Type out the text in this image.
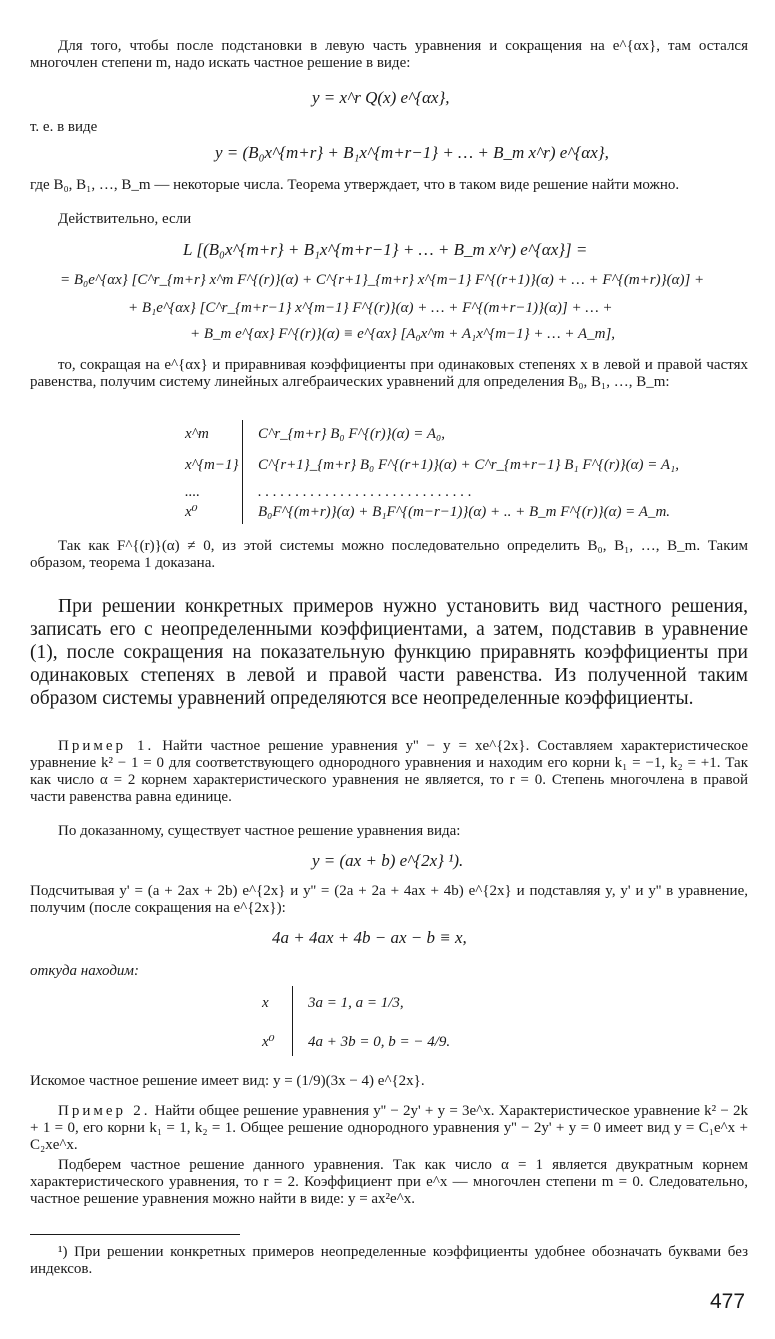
Для того, чтобы после подстановки в левую часть уравнения и сокращения на e^{αx}, там остался многочлен степени m, надо искать частное решение в виде:

y = x^r Q(x) e^{αx},

т. е. в виде

y = (B₀x^{m+r} + B₁x^{m+r−1} + … + B_m x^r) e^{αx},

где B₀, B₁, …, B_m — некоторые числа. Теорема утверждает, что в таком виде решение найти можно.

Действительно, если

L [(B₀x^{m+r} + B₁x^{m+r−1} + … + B_m x^r) e^{αx}] =
= B₀e^{αx} [C^r_{m+r} x^m F^{(r)}(α) + C^{r+1}_{m+r} x^{m−1} F^{(r+1)}(α) + … + F^{(m+r)}(α)] +
+ B₁e^{αx} [C^r_{m+r−1} x^{m−1} F^{(r)}(α) + … + F^{(m+r−1)}(α)] + … +
+ B_m e^{αx} F^{(r)}(α) ≡ e^{αx} [A₀x^m + A₁x^{m−1} + … + A_m],

то, сокращая на e^{αx} и приравнивая коэффициенты при одинаковых степенях x в левой и правой частях равенства, получим систему линейных алгебраических уравнений для определения B₀, B₁, …, B_m:

x^m	C^r_{m+r} B₀ F^{(r)}(α) = A₀,
x^{m−1} C^{r+1}_{m+r} B₀ F^{(r+1)}(α) + C^r_{m+r−1} B₁ F^{(r)}(α) = A₁,
....	. . . . . . . . . . . . . . . . . . . . . . . . . . . . .
x⁰	B₀F^{(m+r)}(α) + B₁F^{(m−r−1)}(α) + .. + B_m F^{(r)}(α) = A_m.

Так как F^{(r)}(α) ≠ 0, из этой системы можно последовательно определить B₀, B₁, …, B_m. Таким образом, теорема 1 доказана.

При решении конкретных примеров нужно установить вид частного решения, записать его с неопределенными коэффициентами, а затем, подставив в уравнение (1), после сокращения на показательную функцию приравнять коэффициенты при одинаковых степенях в левой и правой части равенства. Из полученной таким образом системы уравнений определяются все неопределенные коэффициенты.

Пример 1. Найти частное решение уравнения y'' − y = xe^{2x}. Составляем характеристическое уравнение k² − 1 = 0 для соответствующего однородного уравнения и находим его корни k₁ = −1, k₂ = +1. Так как число α = 2 корнем характеристического уравнения не является, то r = 0. Степень многочлена в правой части равенства равна единице.

По доказанному, существует частное решение уравнения вида:

y = (ax + b) e^{2x} ¹).

Подсчитывая y' = (a + 2ax + 2b) e^{2x} и y'' = (2a + 2a + 4ax + 4b) e^{2x} и подставляя y, y' и y'' в уравнение, получим (после сокращения на e^{2x}):

4a + 4ax + 4b − ax − b ≡ x,

откуда находим:

x	3a = 1, a = 1/3,
x⁰ 4a + 3b = 0, b = − 4/9.

Искомое частное решение имеет вид: y = (1/9)(3x − 4) e^{2x}.

Пример 2. Найти общее решение уравнения y'' − 2y' + y = 3e^x. Характеристическое уравнение k² − 2k + 1 = 0, его корни k₁ = 1, k₂ = 1. Общее решение однородного уравнения y'' − 2y' + y = 0 имеет вид y = C₁e^x + C₂xe^x.

Подберем частное решение данного уравнения. Так как число α = 1 является двукратным корнем характеристического уравнения, то r = 2. Коэффициент при e^x — многочлен степени m = 0. Следовательно, частное решение уравнения можно найти в виде: y = ax²e^x.

¹) При решении конкретных примеров неопределенные коэффициенты удобнее обозначать буквами без индексов.

477
